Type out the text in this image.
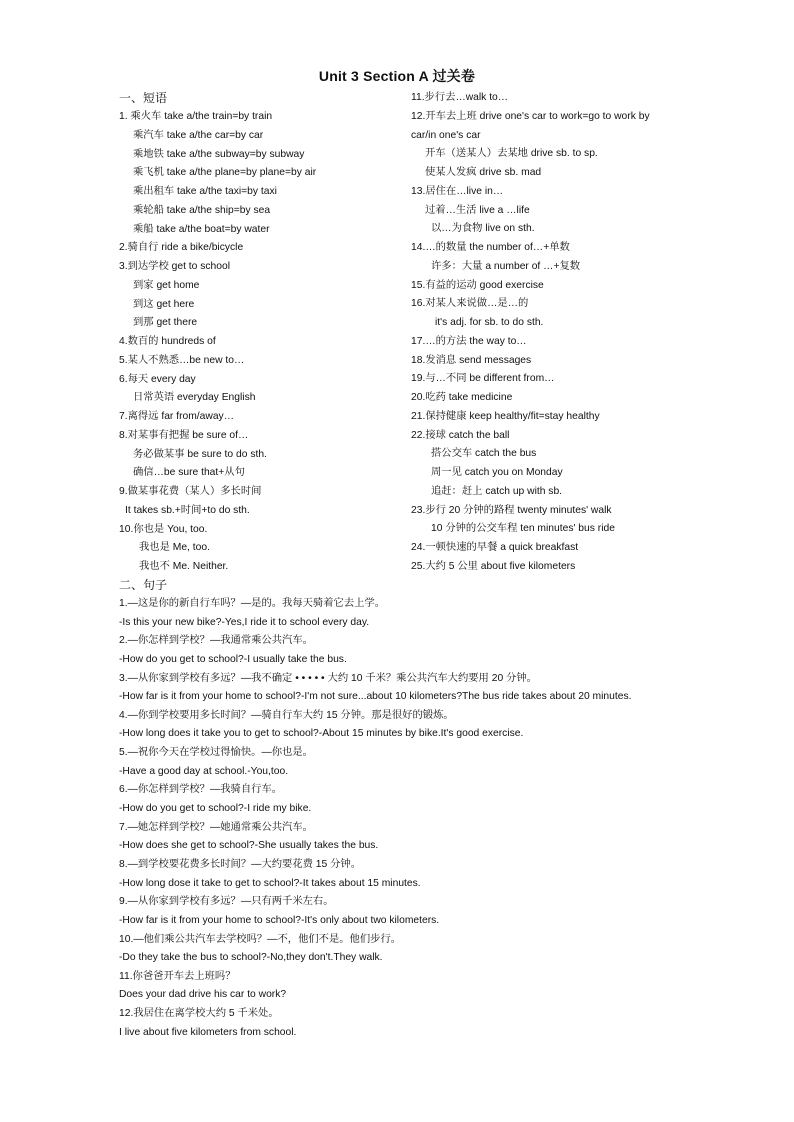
Unit 3 Section A 过关卷
一、短语
1. 乘火车 take a/the train=by train
乘汽车 take a/the car=by car
乘地铁 take a/the subway=by subway
乘飞机 take a/the plane=by plane=by air
乘出租车 take a/the taxi=by taxi
乘轮船 take a/the ship=by sea
乘船 take a/the boat=by water
2.骑自行 ride a bike/bicycle
3.到达学校 get to school
到家 get home
到这 get here
到那 get there
4.数百的 hundreds of
5.某人不熟悉…be new to…
6.每天 every day
日常英语 everyday English
7.离得远 far from/away…
8.对某事有把握 be sure of…
务必做某事 be sure to do sth.
确信…be sure that+从句
9.做某事花费（某人）多长时间
It takes sb.+时间+to do sth.
10.你也是 You, too.
我也是 Me, too.
我也不 Me. Neither.
11.步行去…walk to…
12.开车去上班 drive one's car to work=go to work by
car/in one's car
开车（送某人）去某地 drive sb. to sp.
使某人发疯 drive sb. mad
13.居住在…live in…
过着…生活 live a …life
以…为食物 live on sth.
14.…的数量 the number of…+单数
许多：大量 a number of …+复数
15.有益的运动 good exercise
16.对某人来说做…是…的
it's adj. for sb. to do sth.
17.…的方法 the way to…
18.发消息 send messages
19.与…不同 be different from…
20.吃药 take medicine
21.保持健康 keep healthy/fit=stay healthy
22.接球 catch the ball
搭公交车 catch the bus
周一见 catch you on Monday
追赶：赶上 catch up with sb.
23.步行 20 分钟的路程 twenty minutes' walk
10 分钟的公交车程 ten minutes' bus ride
24.一顿快速的早餐 a quick breakfast
25.大约 5 公里 about five kilometers
二、句子
1.—这是你的新自行车吗？—是的。我每天骑着它去上学。
-Is this your new bike?-Yes,I ride it to school every day.
2.—你怎样到学校？—我通常乘公共汽车。
-How do you get to school?-I usually take the bus.
3.—从你家到学校有多远？—我不确定 • • • • • 大约 10 千米？乘公共汽车大约要用 20 分钟。
-How far is it from your home to school?-I'm not sure...about 10 kilometers?The bus ride takes about 20 minutes.
4.—你到学校要用多长时间？—骑自行车大约 15 分钟。那是很好的锻炼。
-How long does it take you to get to school?-About 15 minutes by bike.It's good exercise.
5.—祝你今天在学校过得愉快。—你也是。
-Have a good day at school.-You,too.
6.—你怎样到学校？—我骑自行车。
-How do you get to school?-I ride my bike.
7.—她怎样到学校？—她通常乘公共汽车。
-How does she get to school?-She usually takes the bus.
8.—到学校要花费多长时间？—大约要花费 15 分钟。
-How long dose it take to get to school?-It takes about 15 minutes.
9.—从你家到学校有多远？—只有两千米左右。
-How far is it from your home to school?-It's only about two kilometers.
10.—他们乘公共汽车去学校吗？—不，他们不是。他们步行。
-Do they take the bus to school?-No,they don't.They walk.
11.你爸爸开车去上班吗？
Does your dad drive his car to work?
12.我居住在离学校大约 5 千米处。
I live about five kilometers from school.
